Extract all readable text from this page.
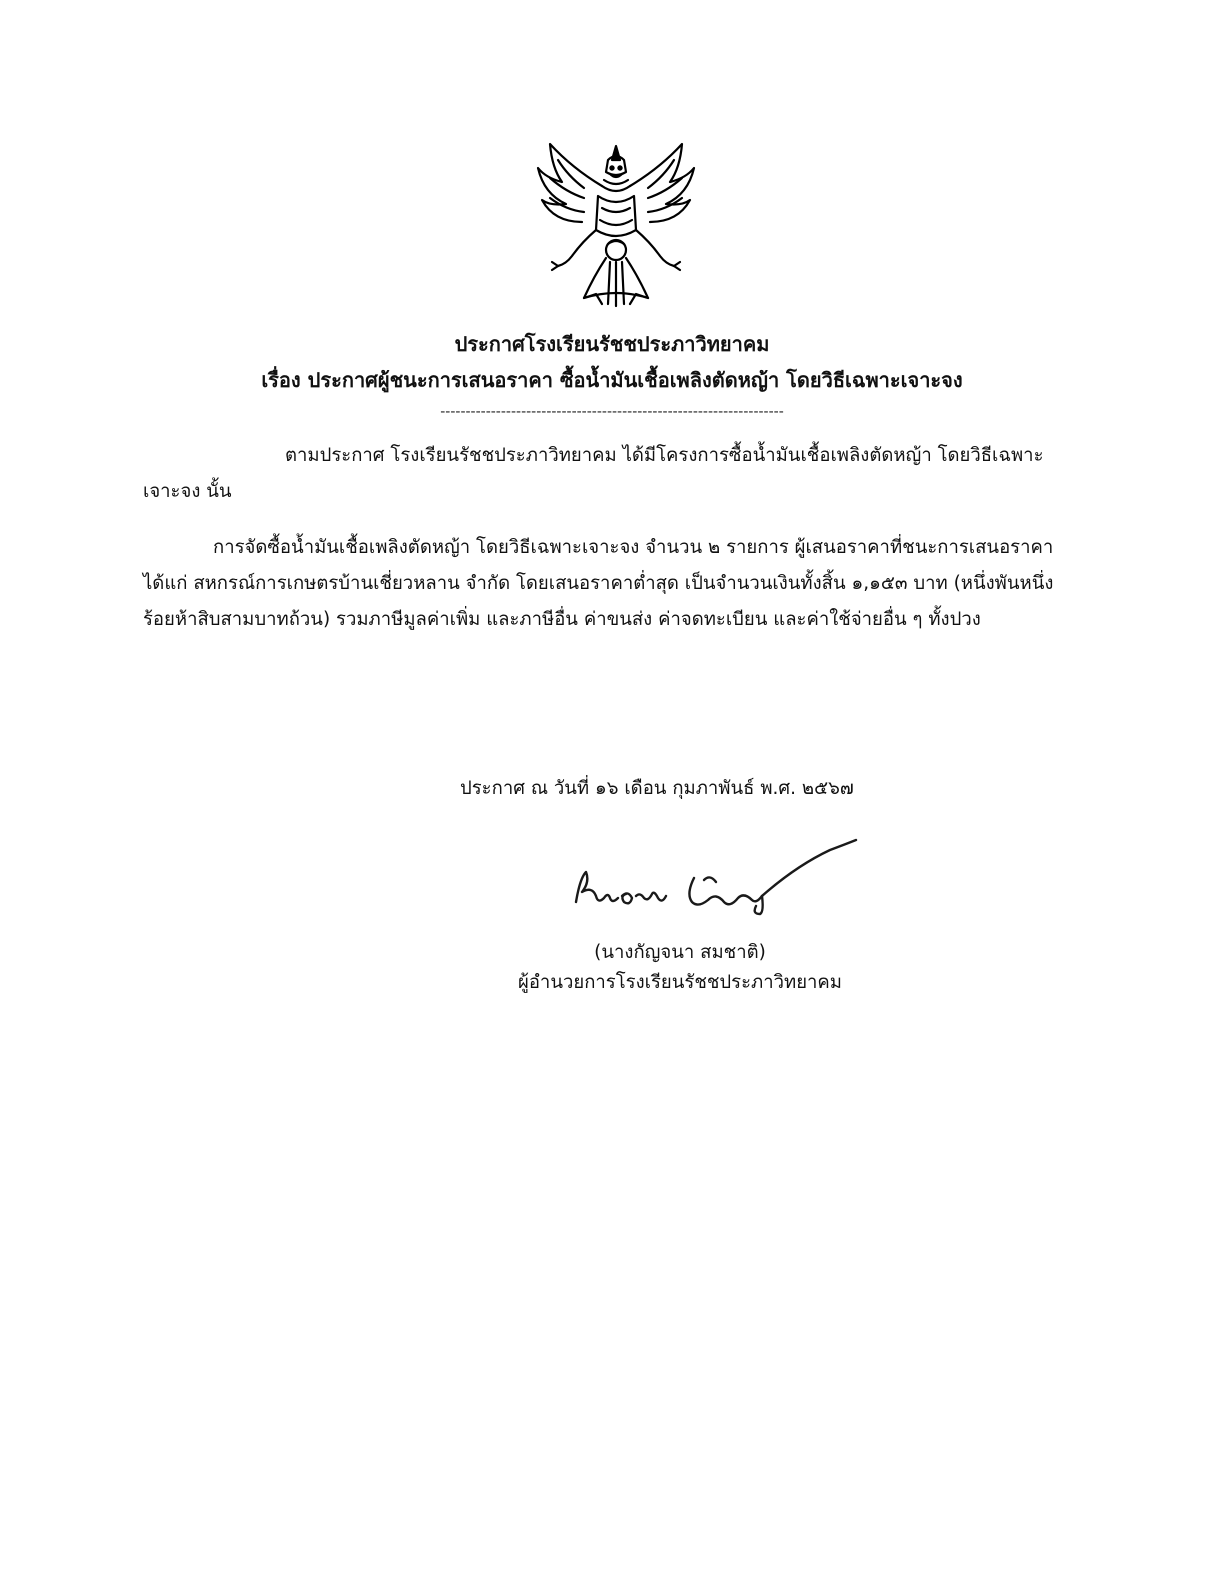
ประกาศโรงเรียนรัชชประภาวิทยาคม
เรื่อง ประกาศผู้ชนะการเสนอราคา ซื้อน้ำมันเชื้อเพลิงตัดหญ้า โดยวิธีเฉพาะเจาะจง
--------------------------------------------------------------------
ตามประกาศ โรงเรียนรัชชประภาวิทยาคม ได้มีโครงการซื้อน้ำมันเชื้อเพลิงตัดหญ้า โดยวิธีเฉพาะเจาะจง นั้น
การจัดซื้อน้ำมันเชื้อเพลิงตัดหญ้า โดยวิธีเฉพาะเจาะจง จำนวน ๒ รายการ ผู้เสนอราคาที่ชนะการเสนอราคา ได้แก่ สหกรณ์การเกษตรบ้านเชี่ยวหลาน จำกัด โดยเสนอราคาต่ำสุด เป็นจำนวนเงินทั้งสิ้น ๑,๑๕๓ บาท (หนึ่งพันหนึ่งร้อยห้าสิบสามบาทถ้วน) รวมภาษีมูลค่าเพิ่ม และภาษีอื่น ค่าขนส่ง ค่าจดทะเบียน และค่าใช้จ่ายอื่น ๆ ทั้งปวง
ประกาศ ณ วันที่ ๑๖ เดือน กุมภาพันธ์ พ.ศ. ๒๕๖๗
(นางกัญจนา สมชาติ)
ผู้อำนวยการโรงเรียนรัชชประภาวิทยาคม
